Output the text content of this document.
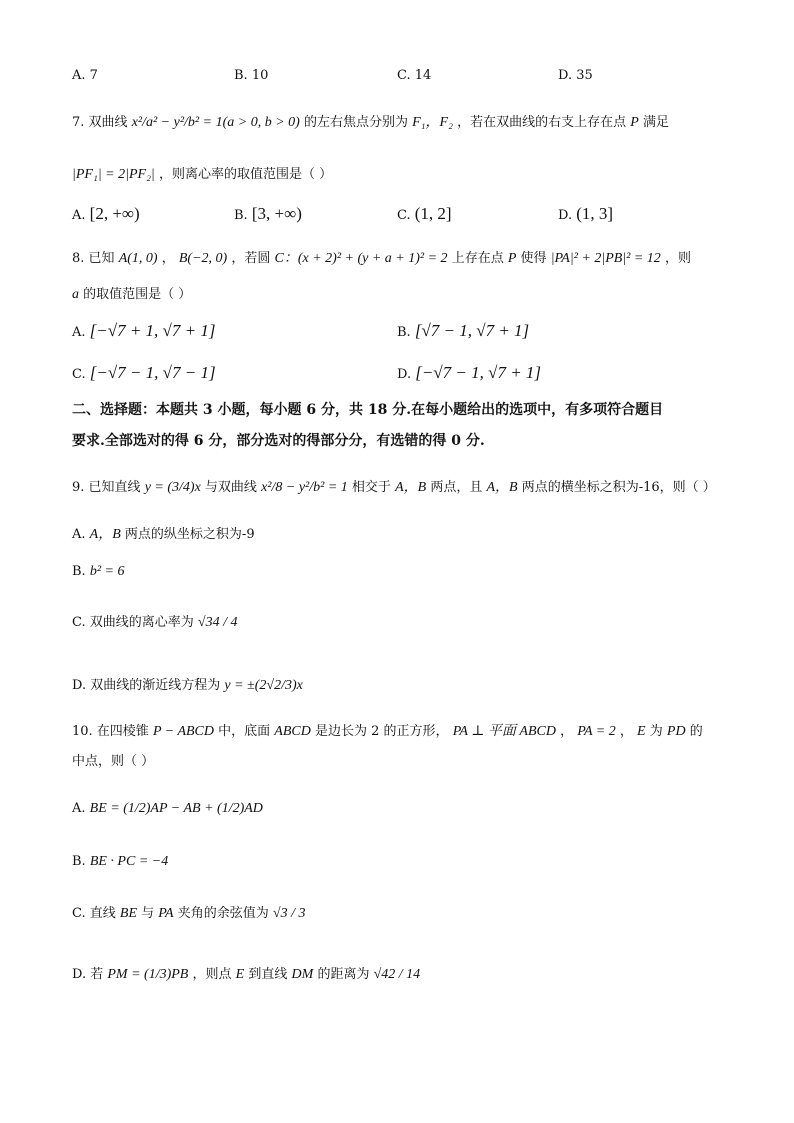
A. 7	B. 10	C. 14	D. 35
7. 双曲线 x²/a² − y²/b² = 1(a > 0, b > 0) 的左右焦点分别为 F₁，F₂ ，若在双曲线的右支上存在点 P 满足
|PF₁| = 2|PF₂| ，则离心率的取值范围是（ ）
A. [2, +∞)	B. [3, +∞)	C. (1, 2]	D. (1, 3]
8. 已知 A(1, 0) ， B(−2, 0) ，若圆 C：(x + 2)² + (y + a + 1)² = 2 上存在点 P 使得 |PA|² + 2|PB|² = 12 ，则
a 的取值范围是（ ）
A. [−√7 + 1, √7 + 1]	B. [√7 − 1, √7 + 1]
C. [−√7 − 1, √7 − 1]	D. [−√7 − 1, √7 + 1]
二、选择题：本题共 3 小题，每小题 6 分，共 18 分.在每小题给出的选项中，有多项符合题目
要求.全部选对的得 6 分，部分选对的得部分分，有选错的得 0 分.
9. 已知直线 y = (3/4)x 与双曲线 x²/8 − y²/b² = 1 相交于 A，B 两点，且 A，B 两点的横坐标之积为-16，则（ ）
A. A，B 两点的纵坐标之积为-9
B. b² = 6
C. 双曲线的离心率为 √34 / 4
D. 双曲线的渐近线方程为 y = ±(2√2/3)x
10. 在四棱锥 P − ABCD 中，底面 ABCD 是边长为 2 的正方形， PA ⊥ 平面 ABCD ， PA = 2 ， E 为 PD 的
中点，则（ ）
A. BE = (1/2)AP − AB + (1/2)AD
B. BE · PC = −4
C. 直线 BE 与 PA 夹角的余弦值为 √3 / 3
D. 若 PM = (1/3)PB ，则点 E 到直线 DM 的距离为 √42 / 14
